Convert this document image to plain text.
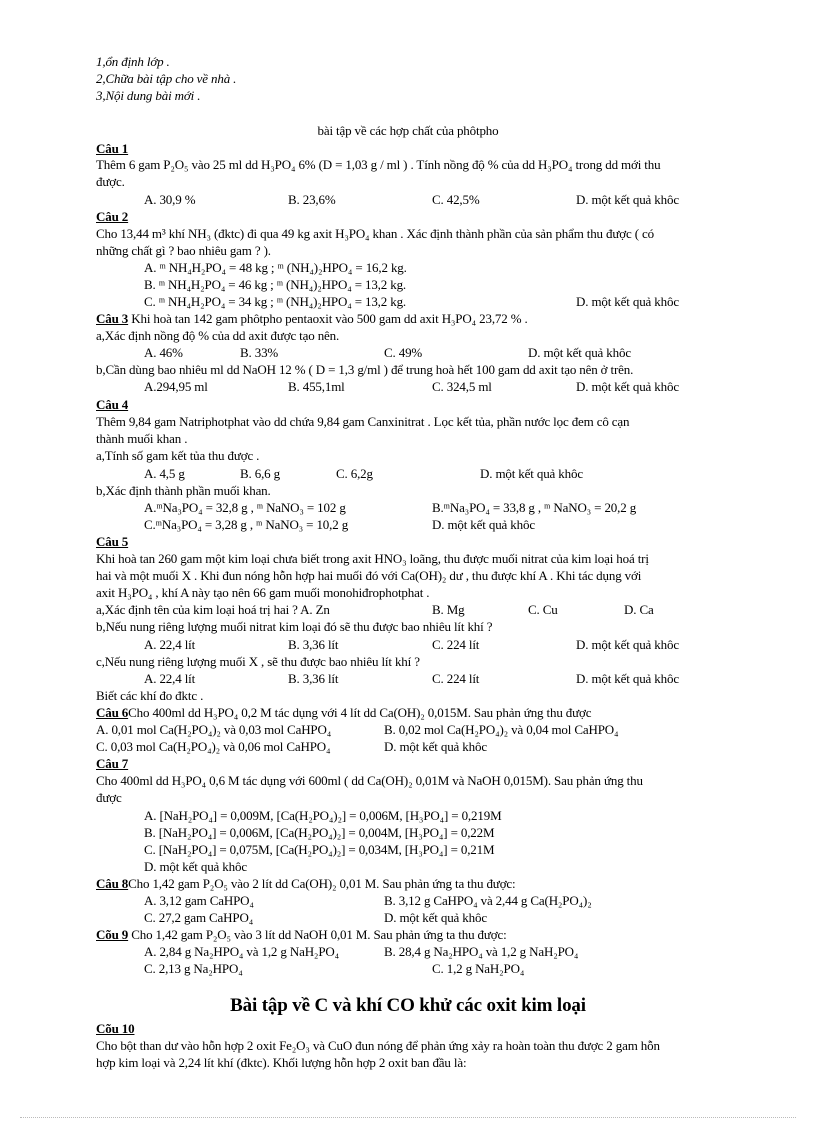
1,ổn định lớp .
2,Chữa bài tập cho về nhà .
3,Nội dung bài mới .
bài tập về các hợp chất của phôtpho
Câu 1
Thêm 6 gam P₂O₅ vào 25 ml dd H₃PO₄ 6% (D = 1,03 g / ml ) . Tính nồng độ % của dd H₃PO₄ trong dd mới thu
được.
A. 30,9 %	B. 23,6%	C. 42,5%	D. một kết quả khôc
Câu 2
Cho 13,44 m³ khí NH₃ (đktc) đi qua 49 kg axit H₃PO₄ khan . Xác định thành phần của sản phẩm thu được ( có
những chất gì ? bao nhiêu gam ? ).
A. ᵐ NH₄H₂PO₄ = 48 kg ; ᵐ (NH₄)₂HPO₄ = 16,2 kg.
B. ᵐ NH₄H₂PO₄ = 46 kg ; ᵐ (NH₄)₂HPO₄ = 13,2 kg.
C. ᵐ NH₄H₂PO₄ = 34 kg ; ᵐ (NH₄)₂HPO₄ = 13,2 kg.	D. một kết quả khôc
Câu 3 Khi hoà tan 142 gam phôtpho pentaoxit vào 500 gam dd axit H₃PO₄ 23,72 % .
a,Xác định nồng độ % của dd axit được tạo nên.
A. 46%	B. 33%	C. 49%	D. một kết quả khôc
b,Cần dùng bao nhiêu ml dd NaOH 12 % ( D = 1,3 g/ml ) để trung hoà hết 100 gam dd axit tạo nên ở trên.
A.294,95 ml	B. 455,1ml	C. 324,5 ml	D. một kết quả khôc
Câu 4
Thêm 9,84 gam Natriphotphat vào dd chứa 9,84 gam Canxinitrat . Lọc kết tủa, phần nước lọc đem cô cạn
thành muối khan .
a,Tính số gam kết tủa thu được .
A. 4,5 g	B. 6,6 g	C. 6,2g	D. một kết quả khôc
b,Xác định thành phần muối khan.
A.ᵐNa₃PO₄ = 32,8 g , ᵐ NaNO₃ = 102 g	B.ᵐNa₃PO₄ = 33,8 g , ᵐ NaNO₃ = 20,2 g
C.ᵐNa₃PO₄ = 3,28 g , ᵐ NaNO₃ = 10,2 g	D. một kết quả khôc
Câu 5
Khi hoà tan 260 gam một kim loại chưa biết trong axit HNO₃ loãng, thu được muối nitrat của kim loại hoá trị
hai và một muối X . Khi đun nóng hỗn hợp hai muối đó với Ca(OH)₂ dư , thu được khí A . Khi tác dụng với
axit H₃PO₄ , khí A này tạo nên 66 gam muối monohiđrophotphat .
a,Xác định tên của kim loại hoá trị hai ? A. Zn	B. Mg	C. Cu	D. Ca
b,Nếu nung riêng lượng muối nitrat kim loại đó sẽ thu được bao nhiêu lít khí ?
A. 22,4 lít	B. 3,36 lít	C. 224 lít	D. một kết quả khôc
c,Nếu nung riêng lượng muối X , sẽ thu được bao nhiêu lít khí ?
A. 22,4 lít	B. 3,36 lít	C. 224 lít	D. một kết quả khôc
Biết các khí đo đktc .
Câu 6Cho 400ml dd H₃PO₄ 0,2 M tác dụng với 4 lít dd Ca(OH)₂ 0,015M. Sau phản ứng thu được
A. 0,01 mol Ca(H₂PO₄)₂ và 0,03 mol CaHPO₄	B. 0,02 mol Ca(H₂PO₄)₂ và 0,04 mol CaHPO₄
C. 0,03 mol Ca(H₂PO₄)₂ và 0,06 mol CaHPO₄	D. một kết quả khôc
Câu 7
Cho 400ml dd H₃PO₄ 0,6 M tác dụng với 600ml ( dd Ca(OH)₂ 0,01M và NaOH 0,015M). Sau phản ứng thu
được
A. [NaH₂PO₄] = 0,009M, [Ca(H₂PO₄)₂] = 0,006M, [H₃PO₄] = 0,219M
B. [NaH₂PO₄] = 0,006M, [Ca(H₂PO₄)₂] = 0,004M, [H₃PO₄] = 0,22M
C. [NaH₂PO₄] = 0,075M, [Ca(H₂PO₄)₂] = 0,034M, [H₃PO₄] = 0,21M
D. một kết quả khôc
Câu 8Cho 1,42 gam P₂O₅ vào 2 lít dd Ca(OH)₂ 0,01 M. Sau phản ứng ta thu được:
A. 3,12 gam CaHPO₄	B. 3,12 g CaHPO₄ và 2,44 g Ca(H₂PO₄)₂
C. 27,2 gam CaHPO₄	D. một kết quả khôc
Cõu 9 Cho 1,42 gam P₂O₅ vào 3 lít dd NaOH 0,01 M. Sau phản ứng ta thu được:
A. 2,84 g Na₂HPO₄ và 1,2 g NaH₂PO₄	B. 28,4 g Na₂HPO₄ và 1,2 g NaH₂PO₄
C. 2,13 g Na₂HPO₄	C. 1,2 g NaH₂PO₄
Bài tập về C và khí CO khử các oxit kim loại
Cõu 10
Cho bột than dư vào hỗn hợp 2 oxit Fe₂O₃ và CuO đun nóng để phản ứng xảy ra hoàn toàn thu được 2 gam hỗn
hợp kim loại và 2,24 lít khí (đktc). Khối lượng hỗn hợp 2 oxit ban đầu là:
